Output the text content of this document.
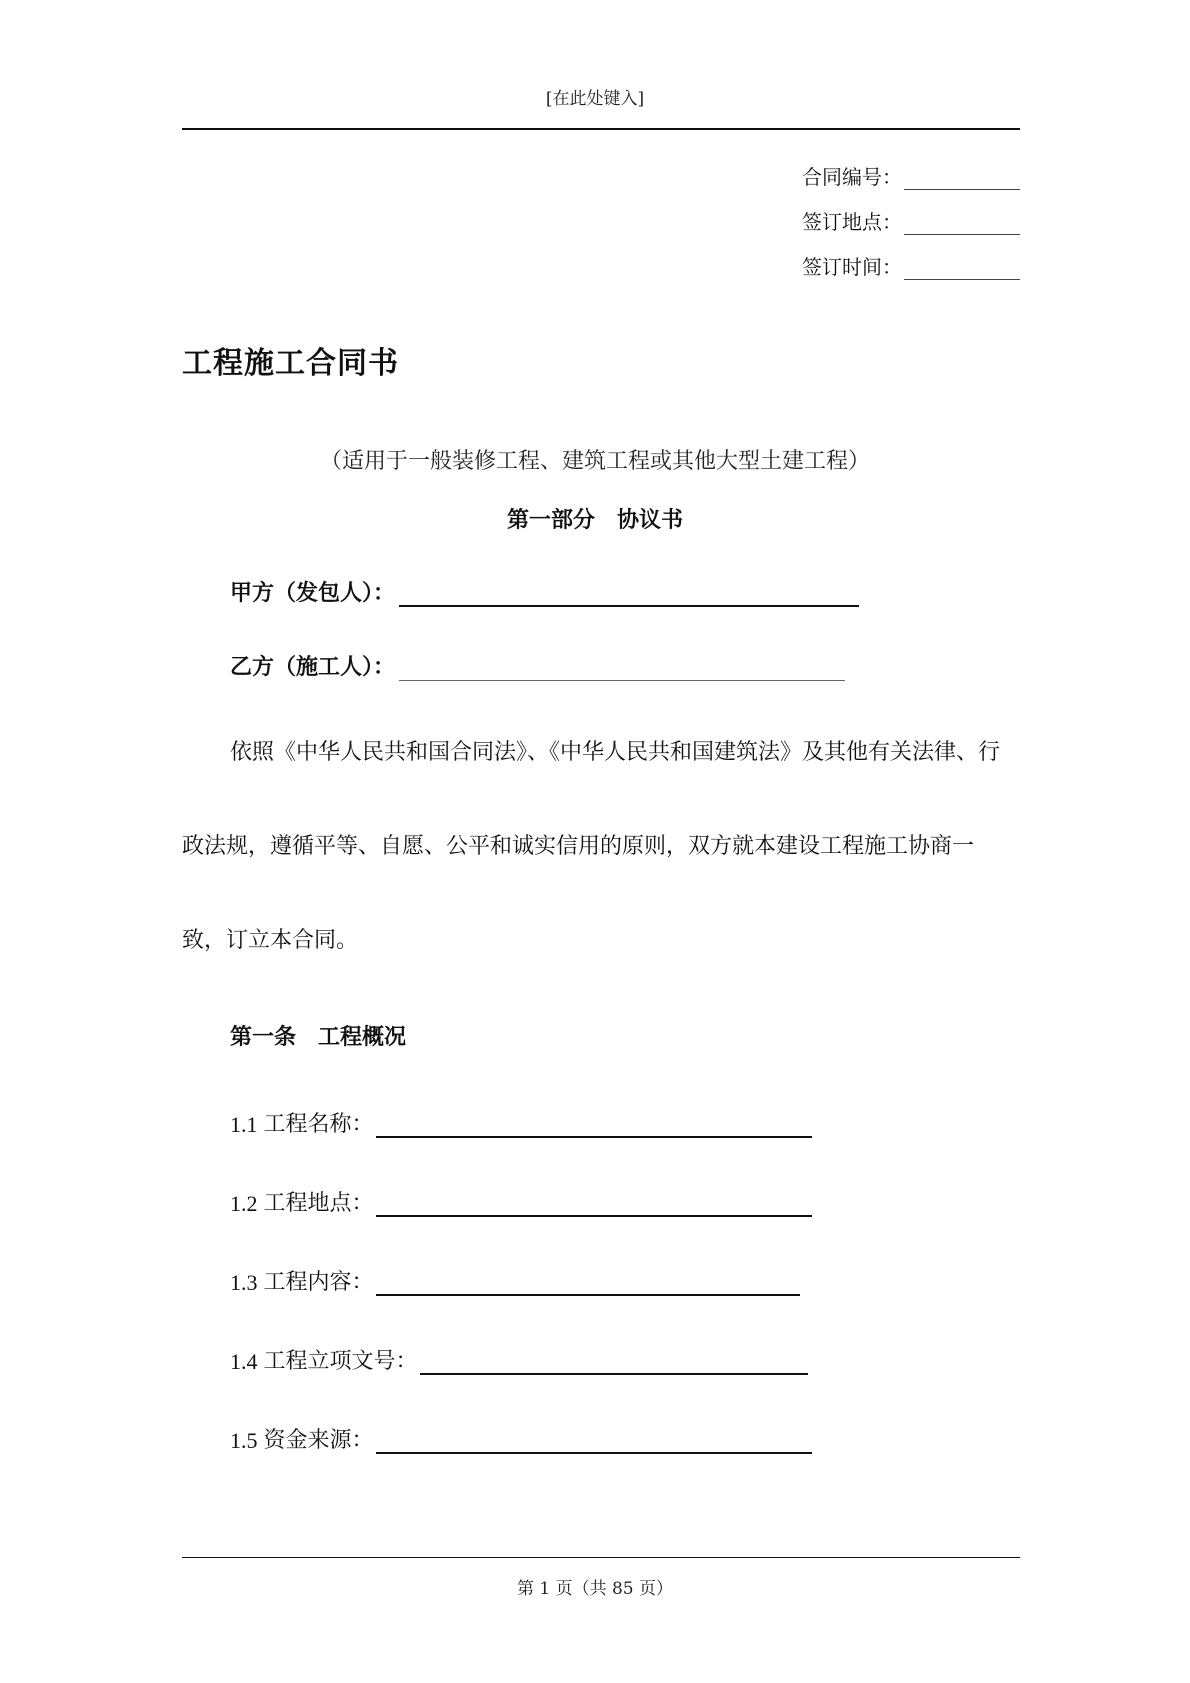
[在此处键入]
合同编号：
签订地点：
签订时间：
工程施工合同书
（适用于一般装修工程、建筑工程或其他大型土建工程）
第一部分　协议书
甲方（发包人）：
乙方（施工人）：
依照《中华人民共和国合同法》、《中华人民共和国建筑法》及其他有关法律、行政法规，遵循平等、自愿、公平和诚实信用的原则，双方就本建设工程施工协商一致，订立本合同。
第一条　工程概况
1.1 工程名称：
1.2 工程地点：
1.3 工程内容：
1.4 工程立项文号：
1.5 资金来源：
第 1 页（共 85 页）
